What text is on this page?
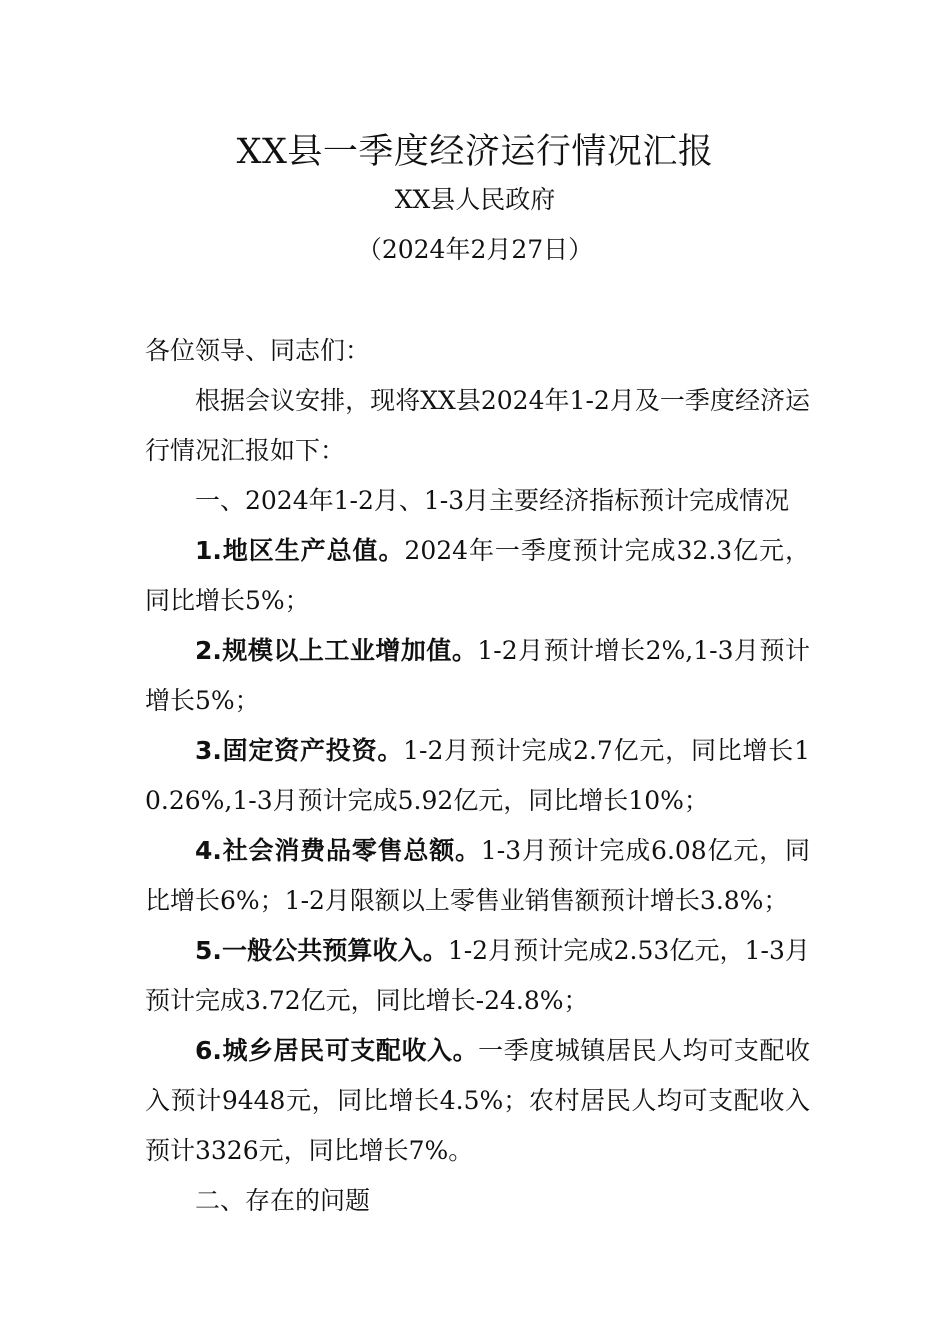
XX县一季度经济运行情况汇报
XX县人民政府
（2024年2月27日）

各位领导、同志们：

根据会议安排，现将XX县2024年1-2月及一季度经济运行情况汇报如下：

一、2024年1-2月、1-3月主要经济指标预计完成情况

1.地区生产总值。2024年一季度预计完成32.3亿元，同比增长5%；

2.规模以上工业增加值。1-2月预计增长2%,1-3月预计增长5%；

3.固定资产投资。1-2月预计完成2.7亿元，同比增长10.26%,1-3月预计完成5.92亿元，同比增长10%；

4.社会消费品零售总额。1-3月预计完成6.08亿元，同比增长6%；1-2月限额以上零售业销售额预计增长3.8%；

5.一般公共预算收入。1-2月预计完成2.53亿元，1-3月预计完成3.72亿元，同比增长-24.8%；

6.城乡居民可支配收入。一季度城镇居民人均可支配收入预计9448元，同比增长4.5%；农村居民人均可支配收入预计3326元，同比增长7%。

二、存在的问题
